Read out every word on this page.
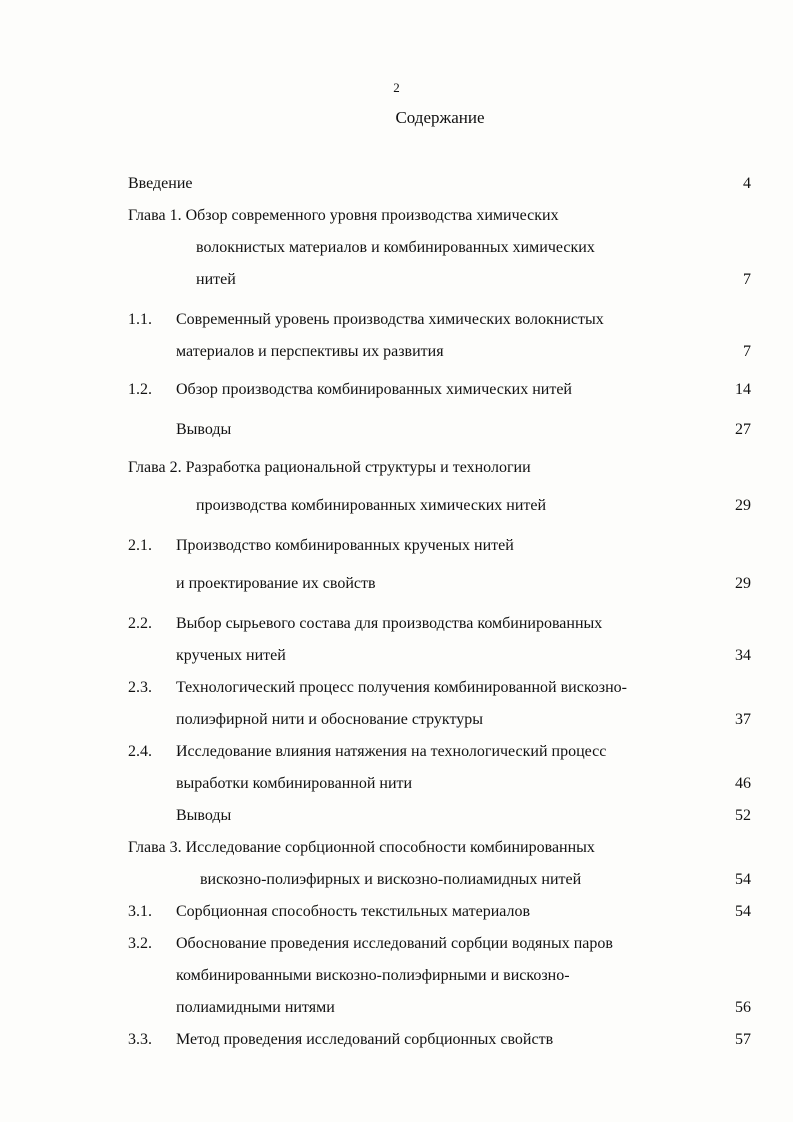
2
Содержание
Введение	4
Глава 1. Обзор современного уровня производства химических
волокнистых материалов и комбинированных химических
нитей	7
1.1. Современный уровень производства химических волокнистых
материалов и перспективы их развития	7
1.2. Обзор производства комбинированных химических нитей	14
Выводы	27
Глава 2. Разработка рациональной структуры и технологии
производства комбинированных химических нитей	29
2.1. Производство комбинированных крученых нитей
и проектирование их свойств	29
2.2. Выбор сырьевого состава для производства комбинированных
крученых нитей	34
2.3. Технологический процесс получения комбинированной вискозно-
полиэфирной нити и обоснование структуры	37
2.4. Исследование влияния натяжения на технологический процесс
выработки комбинированной нити	46
Выводы	52
Глава 3. Исследование сорбционной способности комбинированных
вискозно-полиэфирных и вискозно-полиамидных нитей	54
3.1. Сорбционная способность текстильных материалов	54
3.2. Обоснование проведения исследований сорбции водяных паров
комбинированными вискозно-полиэфирными и вискозно-
полиамидными нитями	56
3.3. Метод проведения исследований сорбционных свойств	57
